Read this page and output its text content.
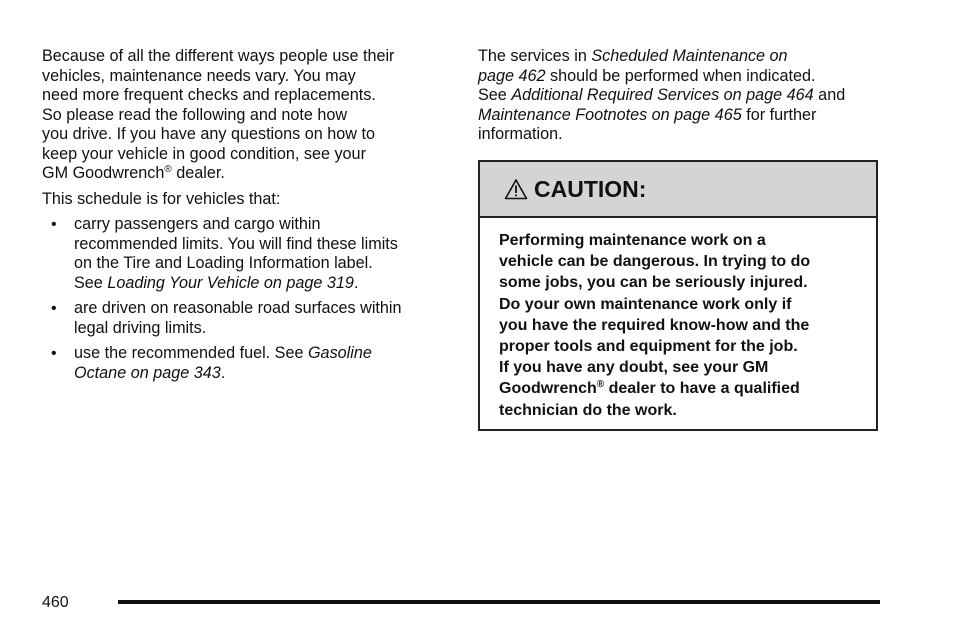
Because of all the different ways people use their
vehicles, maintenance needs vary. You may
need more frequent checks and replacements.
So please read the following and note how
you drive. If you have any questions on how to
keep your vehicle in good condition, see your
GM Goodwrench® dealer.
This schedule is for vehicles that:
• carry passengers and cargo within
recommended limits. You will find these limits
on the Tire and Loading Information label.
See Loading Your Vehicle on page 319.
• are driven on reasonable road surfaces within
legal driving limits.
• use the recommended fuel. See Gasoline
Octane on page 343.
The services in Scheduled Maintenance on
page 462 should be performed when indicated.
See Additional Required Services on page 464 and
Maintenance Footnotes on page 465 for further
information.
CAUTION:
Performing maintenance work on a
vehicle can be dangerous. In trying to do
some jobs, you can be seriously injured.
Do your own maintenance work only if
you have the required know-how and the
proper tools and equipment for the job.
If you have any doubt, see your GM
Goodwrench® dealer to have a qualified
technician do the work.
460
